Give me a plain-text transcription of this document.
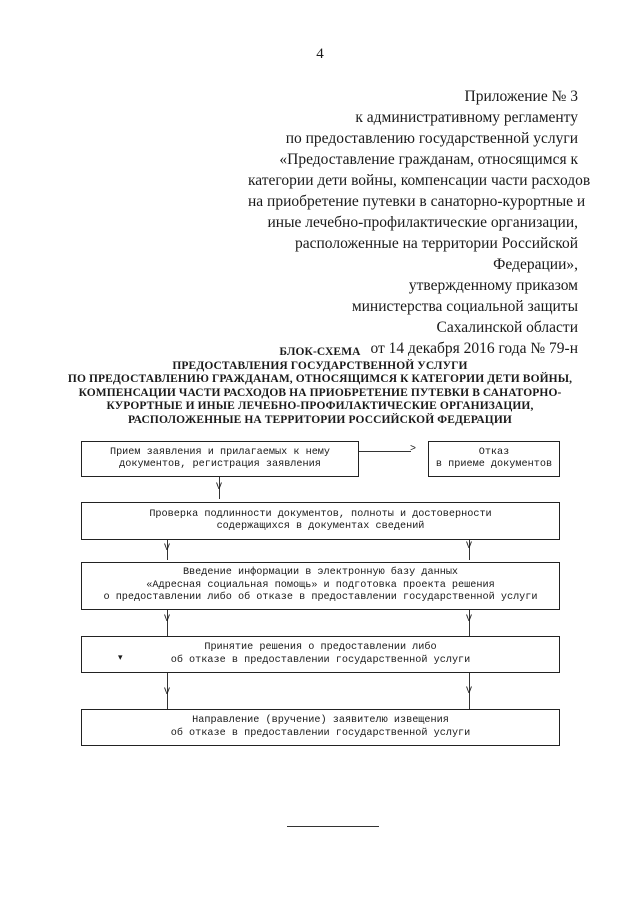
4
Приложение № 3
к административному регламенту
по предоставлению государственной услуги
«Предоставление гражданам, относящимся к
категории дети войны, компенсации части расходов
на приобретение путевки в санаторно-курортные и
иные лечебно-профилактические организации,
расположенные на территории Российской
Федерации»,
утвержденному приказом
министерства социальной защиты
Сахалинской области
от 14 декабря 2016 года № 79-н
БЛОК-СХЕМА
ПРЕДОСТАВЛЕНИЯ ГОСУДАРСТВЕННОЙ УСЛУГИ
ПО ПРЕДОСТАВЛЕНИЮ ГРАЖДАНАМ, ОТНОСЯЩИМСЯ К КАТЕГОРИИ ДЕТИ ВОЙНЫ,
КОМПЕНСАЦИИ ЧАСТИ РАСХОДОВ НА ПРИОБРЕТЕНИЕ ПУТЕВКИ В САНАТОРНО-
КУРОРТНЫЕ И ИНЫЕ ЛЕЧЕБНО-ПРОФИЛАКТИЧЕСКИЕ ОРГАНИЗАЦИИ,
РАСПОЛОЖЕННЫЕ НА ТЕРРИТОРИИ РОССИЙСКОЙ ФЕДЕРАЦИИ
Прием заявления и прилагаемых к нему
документов, регистрация заявления
>	Отказ
в приеме документов
V
Проверка подлинности документов, полноты и достоверности
содержащихся в документах сведений
V	V
Введение информации в электронную базу данных
«Адресная социальная помощь» и подготовка проекта решения
о предоставлении либо об отказе в предоставлении государственной услуги
V	V
Принятие решения о предоставлении либо
об отказе в предоставлении государственной услуги
▾
V	V
Направление (вручение) заявителю извещения
об отказе в предоставлении государственной услуги
